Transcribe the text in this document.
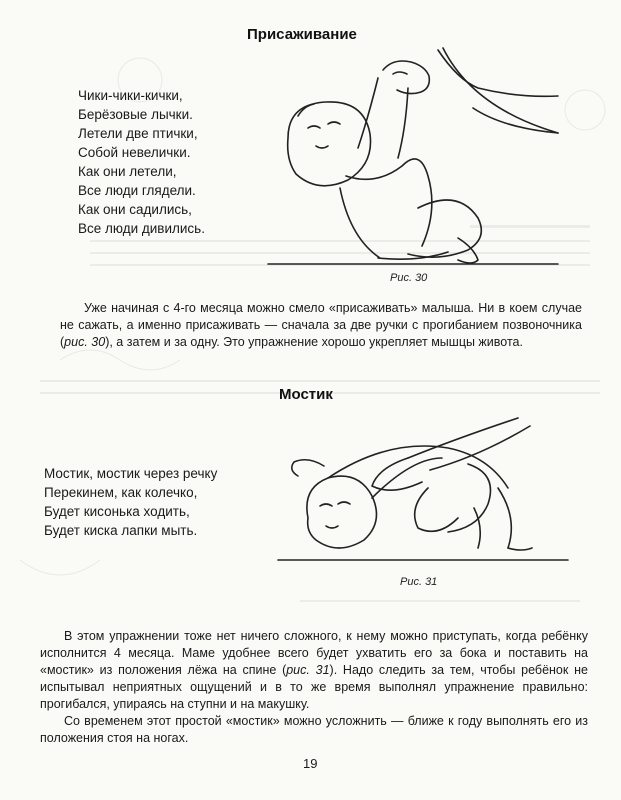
Присаживание
Чики-чики-кички,
Берёзовые лычки.
Летели две птички,
Собой невелички.
Как они летели,
Все люди глядели.
Как они садились,
Все люди дивились.
Рис. 30

Уже начиная с 4-го месяца можно смело «присаживать» малыша. Ни в коем случае не сажать, а именно присаживать — сначала за две ручки с прогибанием позвоночника (рис. 30), а затем и за одну. Это упражнение хорошо укрепляет мышцы живота.

Мостик
Мостик, мостик через речку
Перекинем, как колечко,
Будет кисонька ходить,
Будет киска лапки мыть.
Рис. 31

В этом упражнении тоже нет ничего сложного, к нему можно приступать, когда ребёнку исполнится 4 месяца. Маме удобнее всего будет ухватить его за бока и поставить на «мостик» из положения лёжа на спине (рис. 31). Надо следить за тем, чтобы ребёнок не испытывал неприятных ощущений и в то же время выполнял упражнение правильно: прогибался, упираясь на ступни и на макушку.

Со временем этот простой «мостик» можно усложнить — ближе к году выполнять его из положения стоя на ногах.

19
